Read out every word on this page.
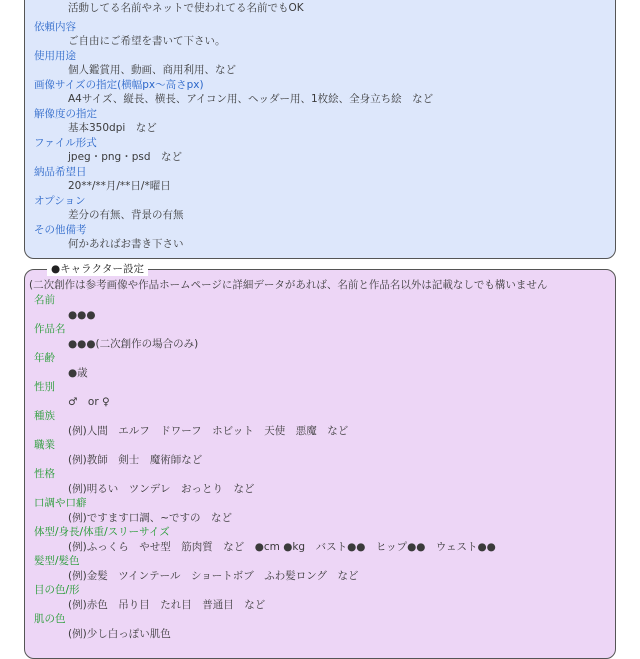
活動してる名前やネットで使われてる名前でもOK
依頼内容
ご自由にご希望を書いて下さい。
使用用途
個人鑑賞用、動画、商用利用、など
画像サイズの指定(横幅px～高さpx)
A4サイズ、縦長、横長、アイコン用、ヘッダー用、1枚絵、全身立ち絵　など
解像度の指定
基本350dpi　など
ファイル形式
jpeg・png・psd　など
納品希望日
20**/**月/**日/*曜日
オプション
差分の有無、背景の有無
その他備考
何かあればお書き下さい
●キャラクター設定
(二次創作は参考画像や作品ホームページに詳細データがあれば、名前と作品名以外は記載なしでも構いません
名前
●●●
作品名
●●●(二次創作の場合のみ)
年齢
●歳
性別
♂　or ♀
種族
(例)人間　エルフ　ドワーフ　ホビット　天使　悪魔　など
職業
(例)教師　剣士　魔術師など
性格
(例)明るい　ツンデレ　おっとり　など
口調や口癖
(例)ですます口調、~ですの　など
体型/身長/体重/スリーサイズ
(例)ふっくら　やせ型　筋肉質　など　●cm ●kg　バスト●●　ヒップ●●　ウェスト●●
髪型/髪色
(例)金髪　ツインテール　ショートボブ　ふわ髪ロング　など
目の色/形
(例)赤色　吊り目　たれ目　普通目　など
肌の色
(例)少し白っぽい肌色
